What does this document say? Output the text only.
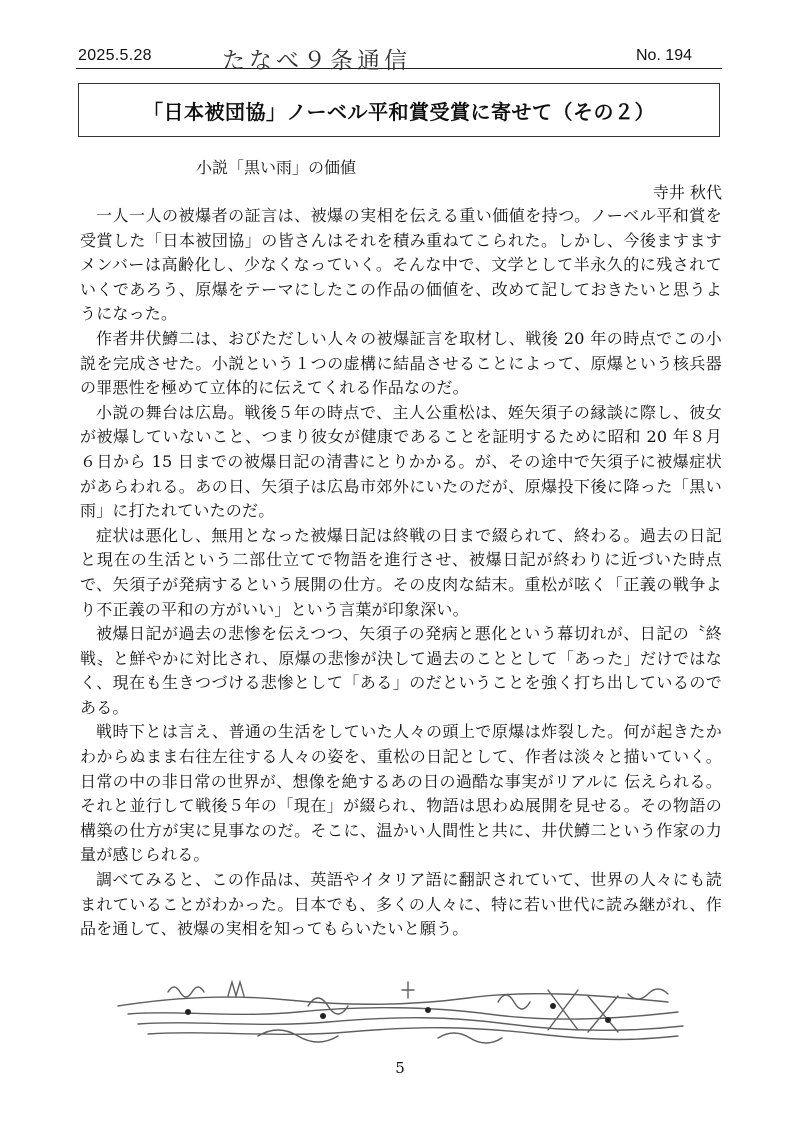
2025.5.28	たなべ９条通信	No. 194
「日本被団協」ノーベル平和賞受賞に寄せて（その２）
小説「黒い雨」の価値
寺井 秋代

一人一人の被爆者の証言は、被爆の実相を伝える重い価値を持つ。ノーベル平和賞を受賞した「日本被団協」の皆さんはそれを積み重ねてこられた。しかし、今後ますますメンバーは高齢化し、少なくなっていく。そんな中で、文学として半永久的に残されていくであろう、原爆をテーマにしたこの作品の価値を、改めて記しておきたいと思うようになった。

作者井伏鱒二は、おびただしい人々の被爆証言を取材し、戦後 20 年の時点でこの小説を完成させた。小説という１つの虚構に結晶させることによって、原爆という核兵器の罪悪性を極めて立体的に伝えてくれる作品なのだ。

小説の舞台は広島。戦後５年の時点で、主人公重松は、姪矢須子の縁談に際し、彼女が被爆していないこと、つまり彼女が健康であることを証明するために昭和 20 年８月６日から 15 日までの被爆日記の清書にとりかかる。が、その途中で矢須子に被爆症状があらわれる。あの日、矢須子は広島市郊外にいたのだが、原爆投下後に降った「黒い雨」に打たれていたのだ。

症状は悪化し、無用となった被爆日記は終戦の日まで綴られて、終わる。過去の日記と現在の生活という二部仕立てで物語を進行させ、被爆日記が終わりに近づいた時点で、矢須子が発病するという展開の仕方。その皮肉な結末。重松が呟く「正義の戦争より不正義の平和の方がいい」という言葉が印象深い。

被爆日記が過去の悲惨を伝えつつ、矢須子の発病と悪化という幕切れが、日記の〝終戦〟と鮮やかに対比され、原爆の悲惨が決して過去のこととして「あった」だけではなく、現在も生きつづける悲惨として「ある」のだということを強く打ち出しているのである。

戦時下とは言え、普通の生活をしていた人々の頭上で原爆は炸裂した。何が起きたかわからぬまま右往左往する人々の姿を、重松の日記として、作者は淡々と描いていく。日常の中の非日常の世界が、想像を絶するあの日の過酷な事実がリアルに 伝えられる。それと並行して戦後５年の「現在」が綴られ、物語は思わぬ展開を見せる。その物語の構築の仕方が実に見事なのだ。そこに、温かい人間性と共に、井伏鱒二という作家の力量が感じられる。

調べてみると、この作品は、英語やイタリア語に翻訳されていて、世界の人々にも読まれていることがわかった。日本でも、多くの人々に、特に若い世代に読み継がれ、作品を通して、被爆の実相を知ってもらいたいと願う。

5
